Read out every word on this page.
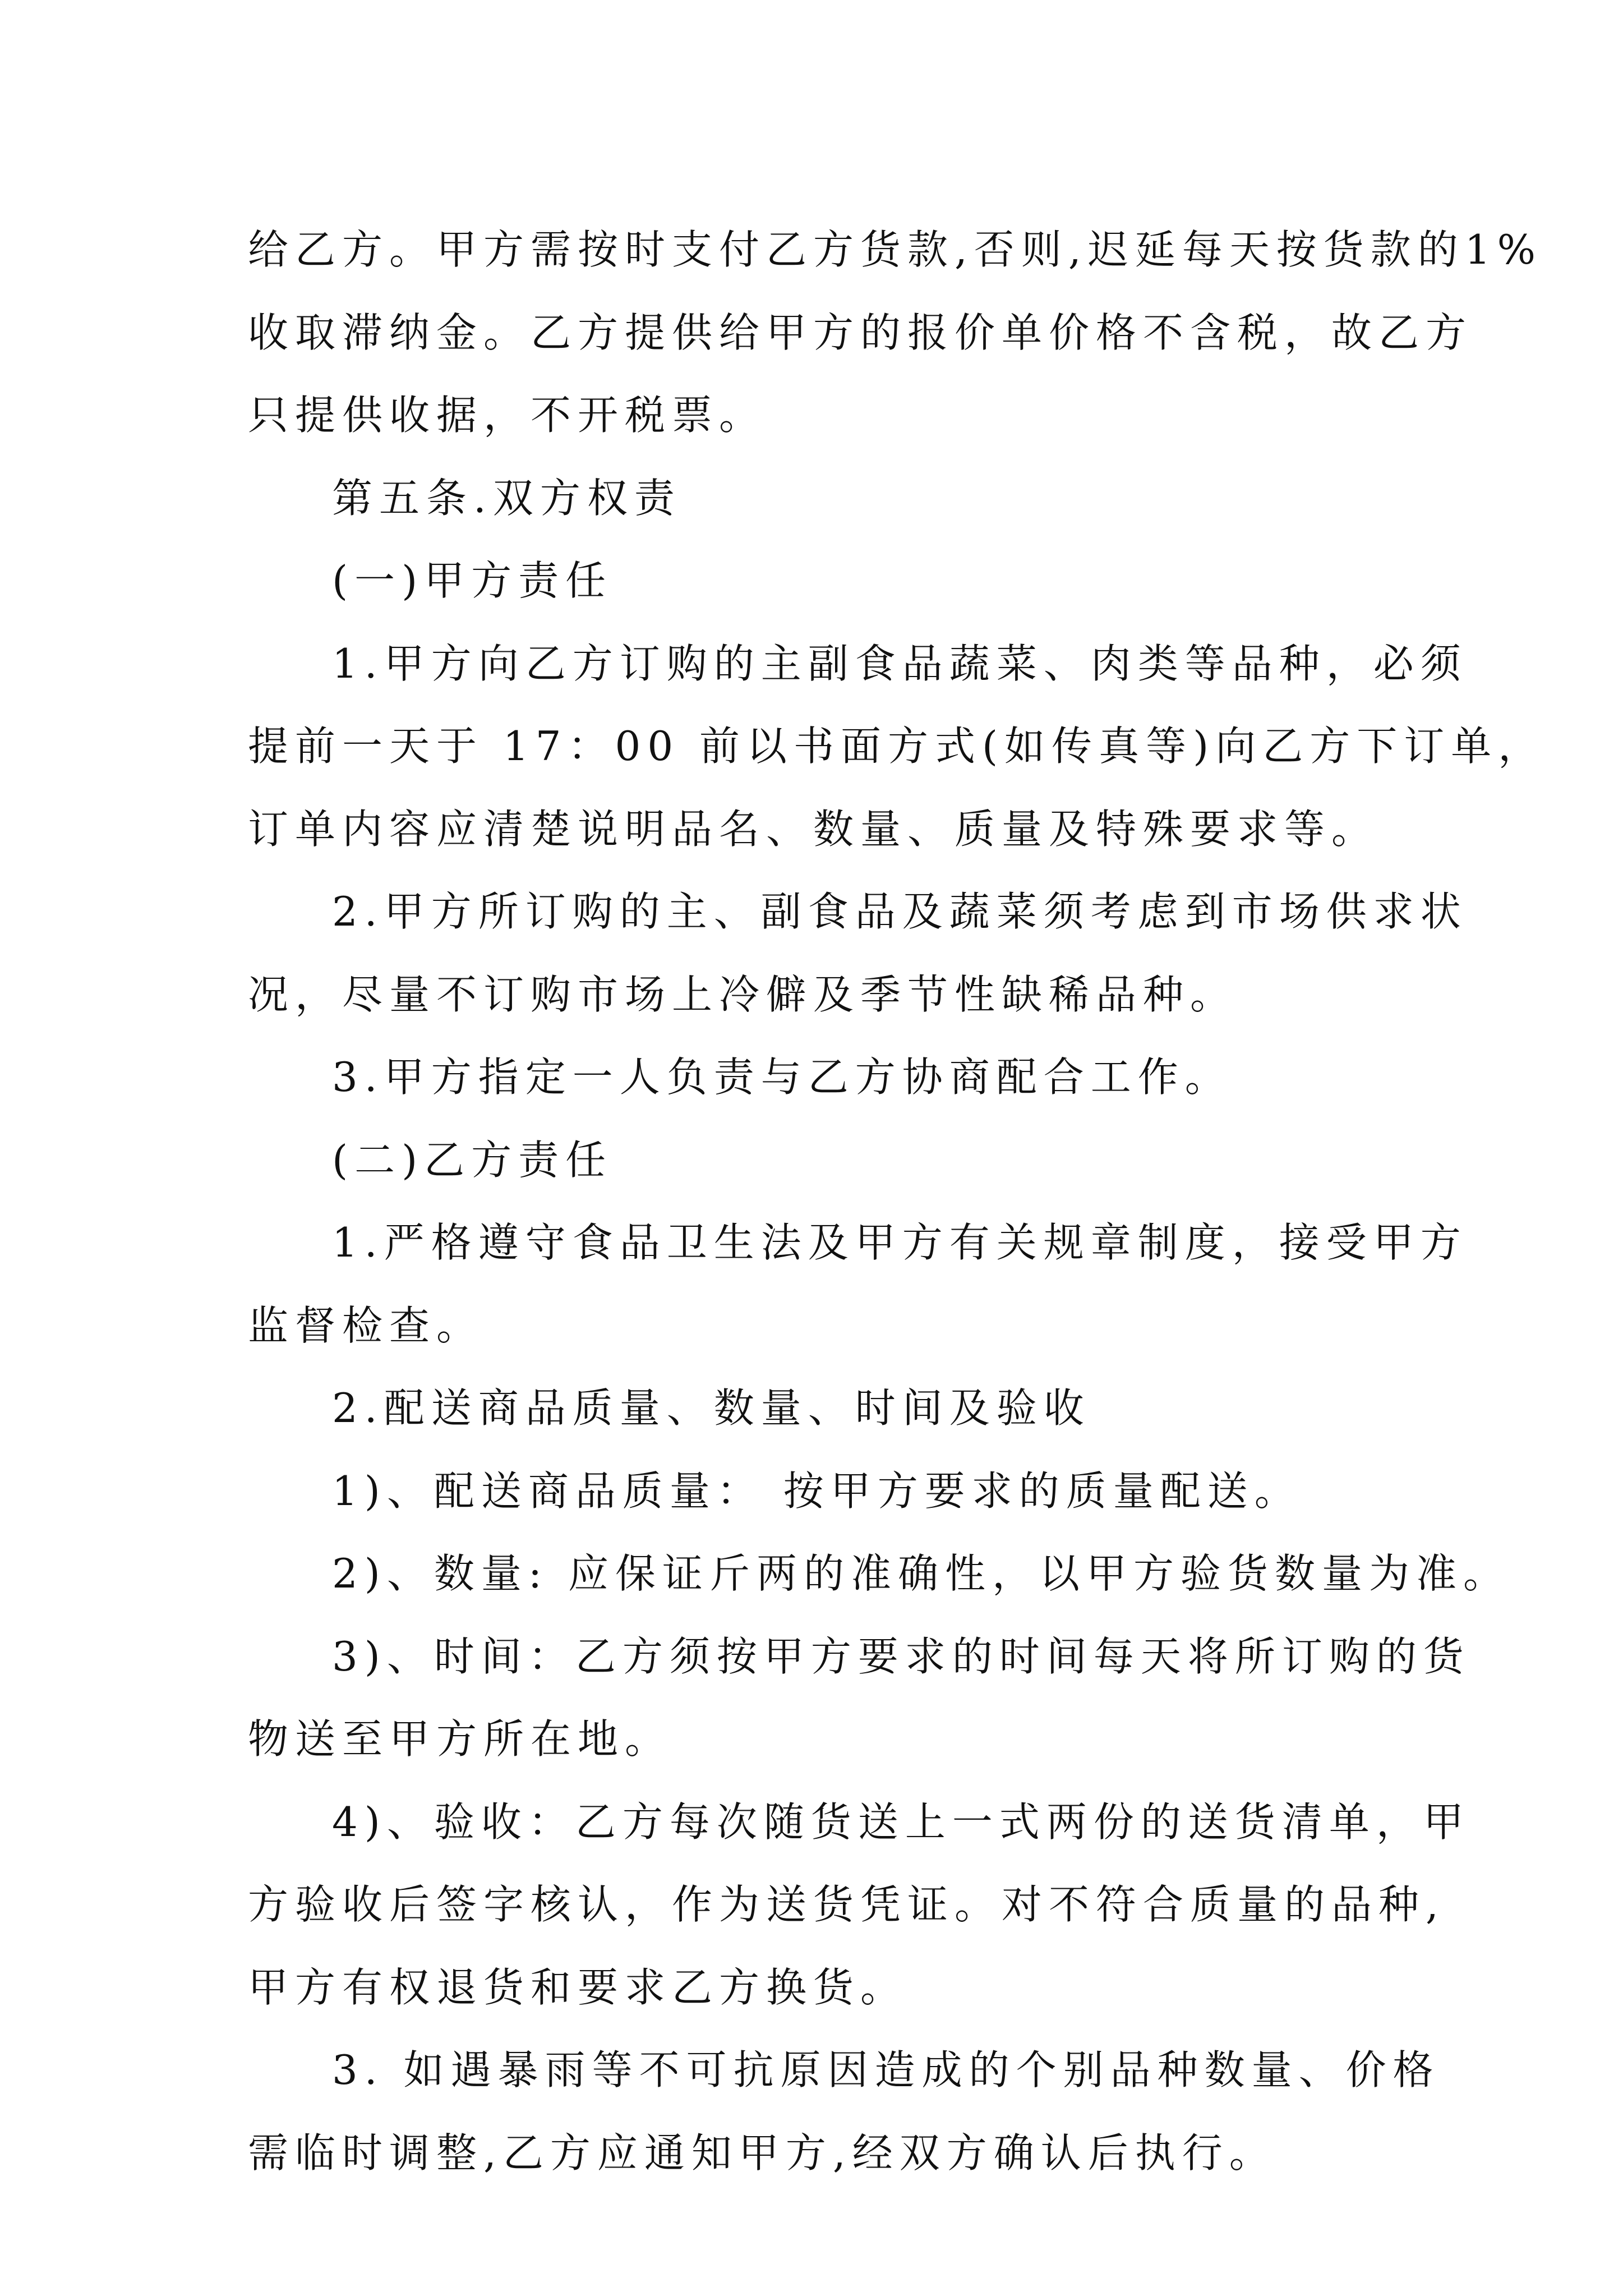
给乙方。甲方需按时支付乙方货款,否则,迟延每天按货款的1%
收取滞纳金。乙方提供给甲方的报价单价格不含税，故乙方
只提供收据，不开税票。
第五条.双方权责
(一)甲方责任
1.甲方向乙方订购的主副食品蔬菜、肉类等品种，必须
提前一天于 17：00 前以书面方式(如传真等)向乙方下订单，
订单内容应清楚说明品名、数量、质量及特殊要求等。
2.甲方所订购的主、副食品及蔬菜须考虑到市场供求状
况，尽量不订购市场上冷僻及季节性缺稀品种。
3.甲方指定一人负责与乙方协商配合工作。
(二)乙方责任
1.严格遵守食品卫生法及甲方有关规章制度，接受甲方
监督检查。
2.配送商品质量、数量、时间及验收
1)、配送商品质量： 按甲方要求的质量配送。
2)、数量: 应保证斤两的准确性，以甲方验货数量为准。
3)、时间：乙方须按甲方要求的时间每天将所订购的货
物送至甲方所在地。
4)、验收：乙方每次随货送上一式两份的送货清单，甲
方验收后签字核认，作为送货凭证。对不符合质量的品种,
甲方有权退货和要求乙方换货。
3. 如遇暴雨等不可抗原因造成的个别品种数量、价格
需临时调整,乙方应通知甲方,经双方确认后执行。
